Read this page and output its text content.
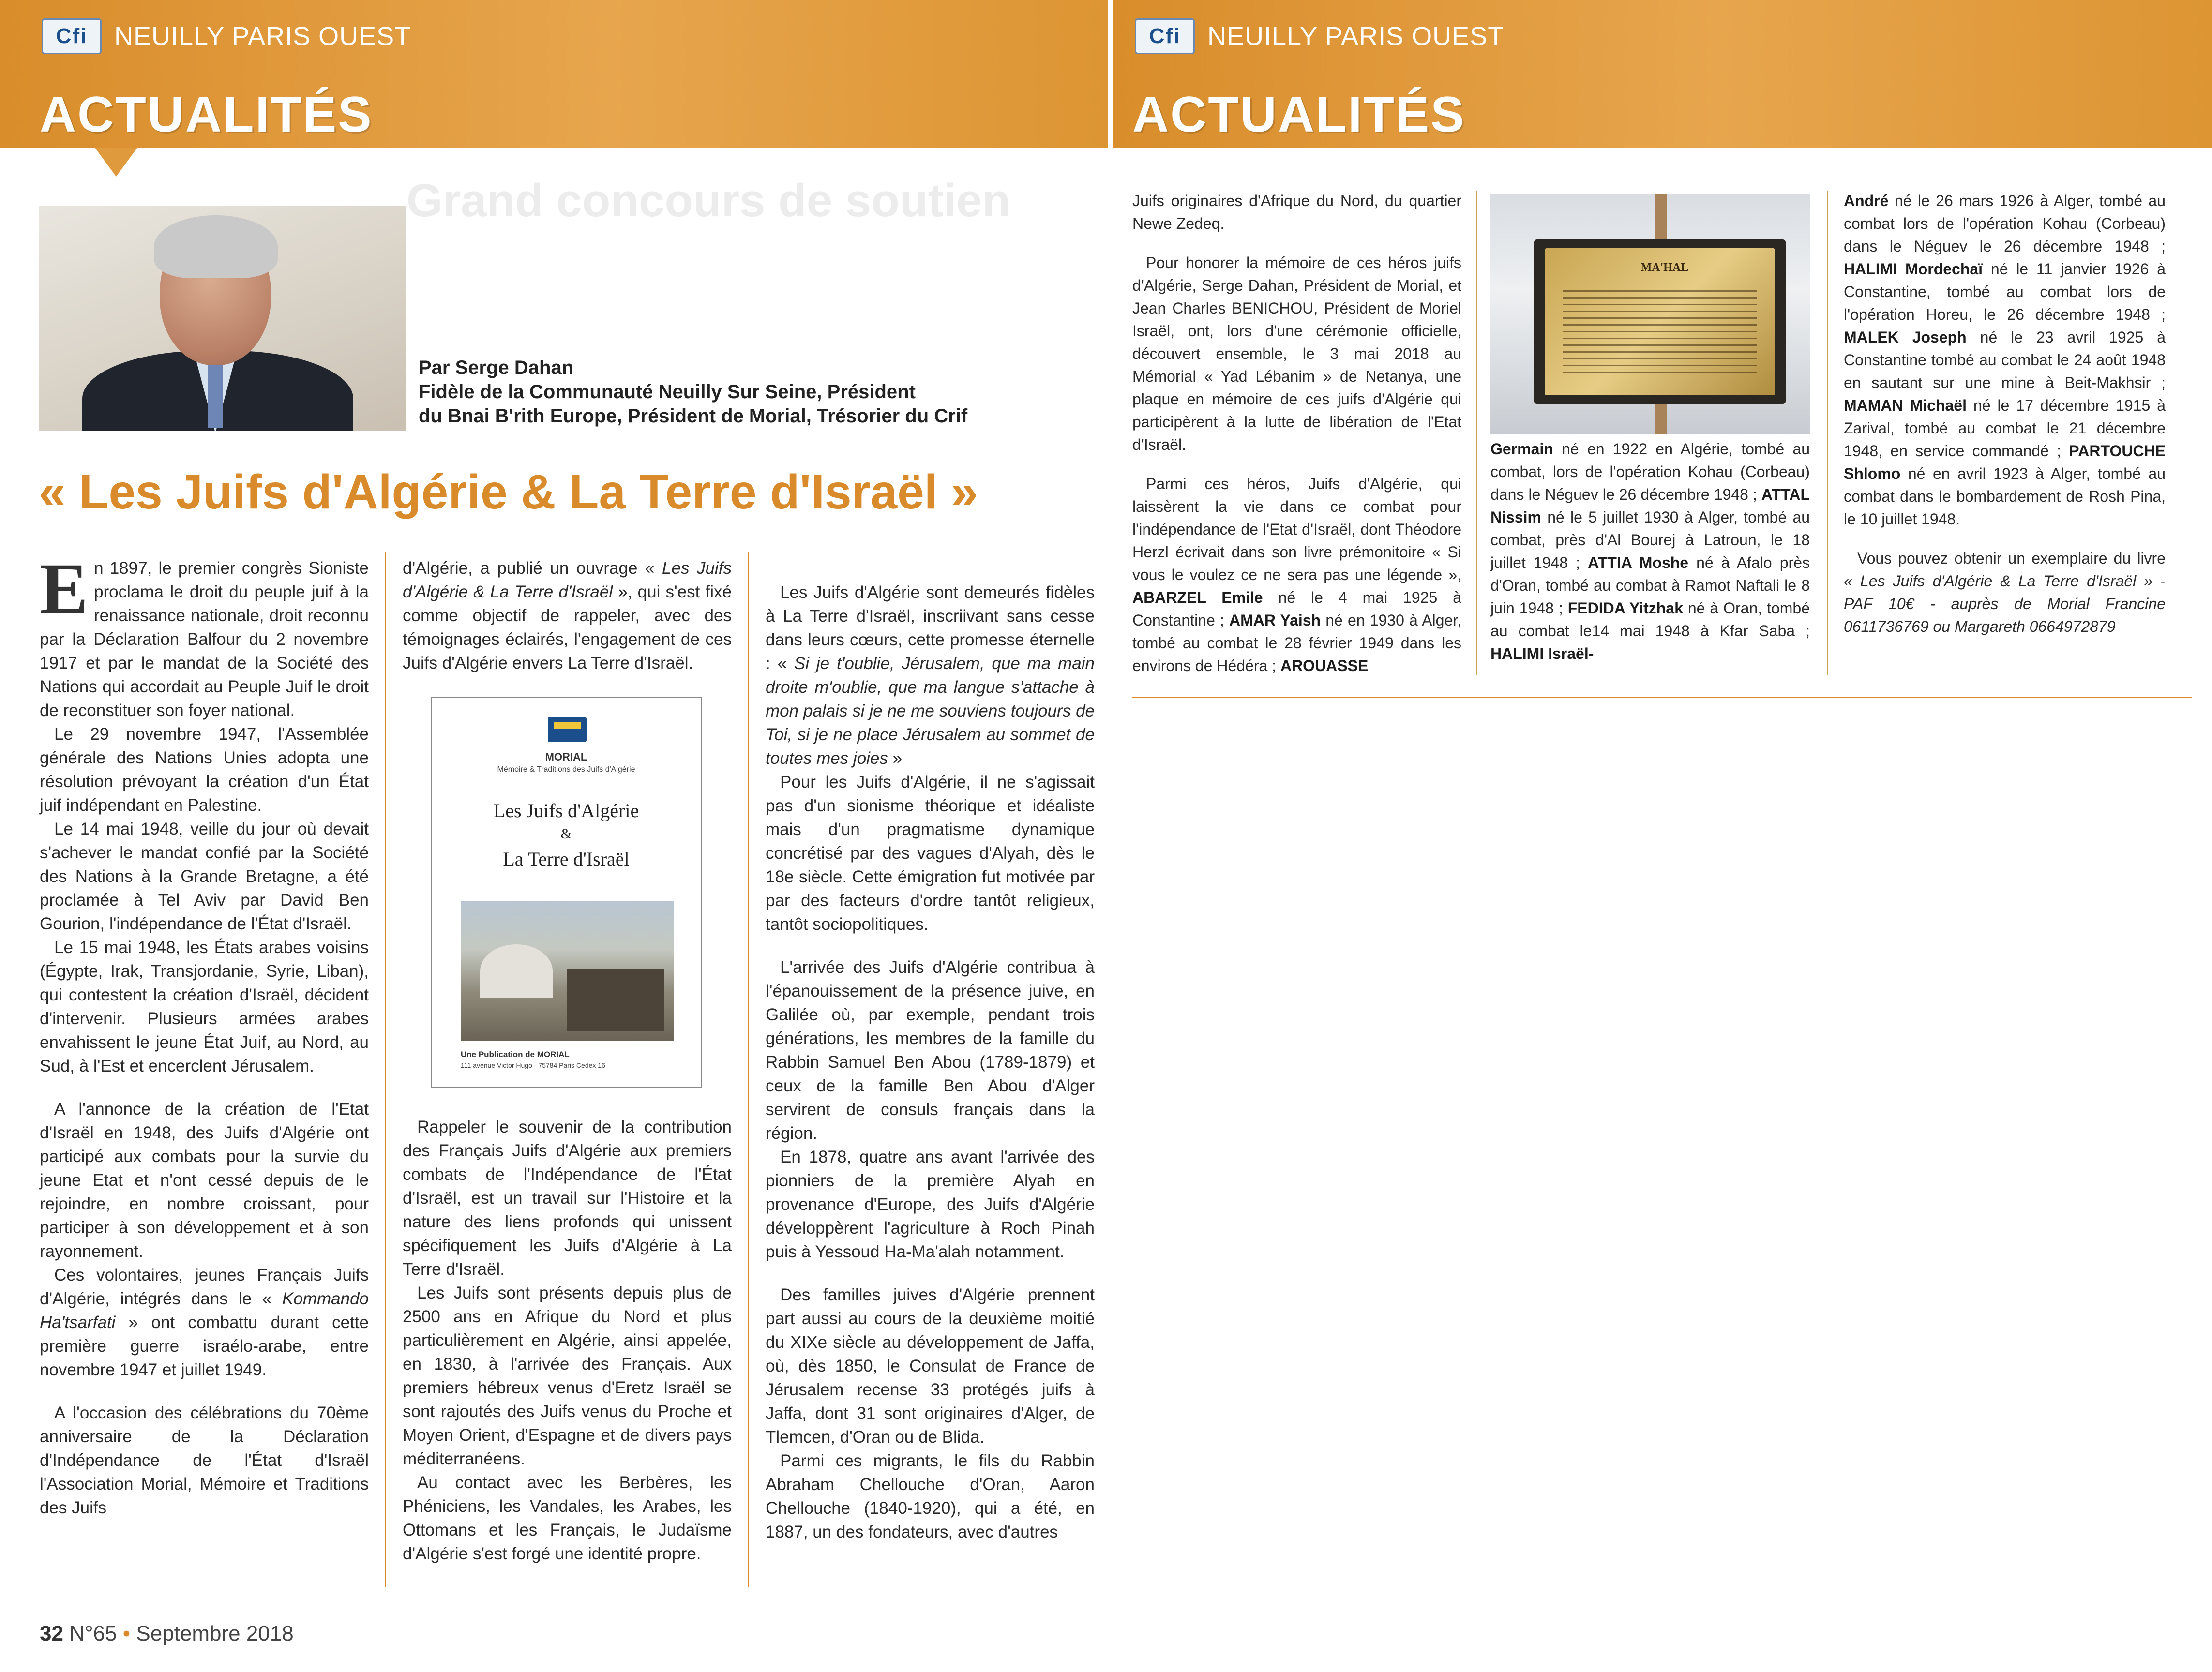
Cfi	NEUILLY PARIS OUEST
ACTUALITÉS
Grand concours de soutien
Par Serge Dahan
Fidèle de la Communauté Neuilly Sur Seine, Président
du Bnai B'rith Europe, Président de Morial, Trésorier du Crif
« Les Juifs d'Algérie & La Terre d'Israël »

En 1897, le premier congrès Sioniste proclama le droit du peuple juif à la renaissance nationale, droit reconnu par la Déclaration Balfour du 2 novembre 1917 et par le mandat de la Société des Nations qui accordait au Peuple Juif le droit de reconstituer son foyer national.

Le 29 novembre 1947, l'Assemblée générale des Nations Unies adopta une résolution prévoyant la création d'un État juif indépendant en Palestine.

Le 14 mai 1948, veille du jour où devait s'achever le mandat confié par la Société des Nations à la Grande Bretagne, a été proclamée à Tel Aviv par David Ben Gourion, l'indépendance de l'État d'Israël.

Le 15 mai 1948, les États arabes voisins (Égypte, Irak, Transjordanie, Syrie, Liban), qui contestent la création d'Israël, décident d'intervenir. Plusieurs armées arabes envahissent le jeune État Juif, au Nord, au Sud, à l'Est et encerclent Jérusalem.

A l'annonce de la création de l'Etat d'Israël en 1948, des Juifs d'Algérie ont participé aux combats pour la survie du jeune Etat et n'ont cessé depuis de le rejoindre, en nombre croissant, pour participer à son développement et à son rayonnement.

Ces volontaires, jeunes Français Juifs d'Algérie, intégrés dans le « Kommando Ha'tsarfati » ont combattu durant cette première guerre israélo-arabe, entre novembre 1947 et juillet 1949.

A l'occasion des célébrations du 70ème anniversaire de la Déclaration d'Indépendance de l'État d'Israël l'Association Morial, Mémoire et Traditions des Juifs

d'Algérie, a publié un ouvrage « Les Juifs d'Algérie & La Terre d'Israël », qui s'est fixé comme objectif de rappeler, avec des témoignages éclairés, l'engagement de ces Juifs d'Algérie envers La Terre d'Israël.

MORIAL
Mémoire & Traditions des Juifs d'Algérie
Les Juifs d'Algérie
&
La Terre d'Israël
Une Publication de MORIAL
111 avenue Victor Hugo - 75784 Paris Cedex 16

Rappeler le souvenir de la contribution des Français Juifs d'Algérie aux premiers combats de l'Indépendance de l'État d'Israël, est un travail sur l'Histoire et la nature des liens profonds qui unissent spécifiquement les Juifs d'Algérie à La Terre d'Israël.

Les Juifs sont présents depuis plus de 2500 ans en Afrique du Nord et plus particulièrement en Algérie, ainsi appelée, en 1830, à l'arrivée des Français. Aux premiers hébreux venus d'Eretz Israël se sont rajoutés des Juifs venus du Proche et Moyen Orient, d'Espagne et de divers pays méditerranéens.

Au contact avec les Berbères, les Phéniciens, les Vandales, les Arabes, les Ottomans et les Français, le Judaïsme d'Algérie s'est forgé une identité propre.

Les Juifs d'Algérie sont demeurés fidèles à La Terre d'Israël, inscriivant sans cesse dans leurs cœurs, cette promesse éternelle : « Si je t'oublie, Jérusalem, que ma main droite m'oublie, que ma langue s'attache à mon palais si je ne me souviens toujours de Toi, si je ne place Jérusalem au sommet de toutes mes joies »

Pour les Juifs d'Algérie, il ne s'agissait pas d'un sionisme théorique et idéaliste mais d'un pragmatisme dynamique concrétisé par des vagues d'Alyah, dès le 18e siècle. Cette émigration fut motivée par par des facteurs d'ordre tantôt religieux, tantôt sociopolitiques.

L'arrivée des Juifs d'Algérie contribua à l'épanouissement de la présence juive, en Galilée où, par exemple, pendant trois générations, les membres de la famille du Rabbin Samuel Ben Abou (1789-1879) et ceux de la famille Ben Abou d'Alger servirent de consuls français dans la région.

En 1878, quatre ans avant l'arrivée des pionniers de la première Alyah en provenance d'Europe, des Juifs d'Algérie développèrent l'agriculture à Roch Pinah puis à Yessoud Ha-Ma'alah notamment.

Des familles juives d'Algérie prennent part aussi au cours de la deuxième moitié du XIXe siècle au développement de Jaffa, où, dès 1850, le Consulat de France de Jérusalem recense 33 protégés juifs à Jaffa, dont 31 sont originaires d'Alger, de Tlemcen, d'Oran ou de Blida.

Parmi ces migrants, le fils du Rabbin Abraham Chellouche d'Oran, Aaron Chellouche (1840-1920), qui a été, en 1887, un des fondateurs, avec d'autres

32 N°65 • Septembre 2018
Cfi	NEUILLY PARIS OUEST
ACTUALITÉS

Juifs originaires d'Afrique du Nord, du quartier Newe Zedeq.

Pour honorer la mémoire de ces héros juifs d'Algérie, Serge Dahan, Président de Morial, et Jean Charles BENICHOU, Président de Moriel Israël, ont, lors d'une cérémonie officielle, découvert ensemble, le 3 mai 2018 au Mémorial « Yad Lébanim » de Netanya, une plaque en mémoire de ces juifs d'Algérie qui participèrent à la lutte de libération de l'Etat d'Israël.

Parmi ces héros, Juifs d'Algérie, qui laissèrent la vie dans ce combat pour l'indépendance de l'Etat d'Israël, dont Théodore Herzl écrivait dans son livre prémonitoire « Si vous le voulez ce ne sera pas une légende », ABARZEL Emile né le 4 mai 1925 à Constantine ; AMAR Yaish né en 1930 à Alger, tombé au combat le 28 février 1949 dans les environs de Hédéra ; AROUASSE

MA'HAL

Germain né en 1922 en Algérie, tombé au combat, lors de l'opération Kohau (Corbeau) dans le Néguev le 26 décembre 1948 ; ATTAL Nissim né le 5 juillet 1930 à Alger, tombé au combat, près d'Al Bourej à Latroun, le 18 juillet 1948 ; ATTIA Moshe né à Afalo près d'Oran, tombé au combat à Ramot Naftali le 8 juin 1948 ; FEDIDA Yitzhak né à Oran, tombé au combat le14 mai 1948 à Kfar Saba ; HALIMI Israël-

André né le 26 mars 1926 à Alger, tombé au combat lors de l'opération Kohau (Corbeau) dans le Néguev le 26 décembre 1948 ; HALIMI Mordechaï né le 11 janvier 1926 à Constantine, tombé au combat lors de l'opération Horeu, le 26 décembre 1948 ; MALEK Joseph né le 23 avril 1925 à Constantine tombé au combat le 24 août 1948 en sautant sur une mine à Beit-Makhsir ; MAMAN Michaël né le 17 décembre 1915 à Zarival, tombé au combat le 21 décembre 1948, en service commandé ; PARTOUCHE Shlomo né en avril 1923 à Alger, tombé au combat dans le bombardement de Rosh Pina, le 10 juillet 1948.

Vous pouvez obtenir un exemplaire du livre « Les Juifs d'Algérie & La Terre d'Israël » - PAF 10€ - auprès de Morial Francine 0611736769 ou Margareth 0664972879
